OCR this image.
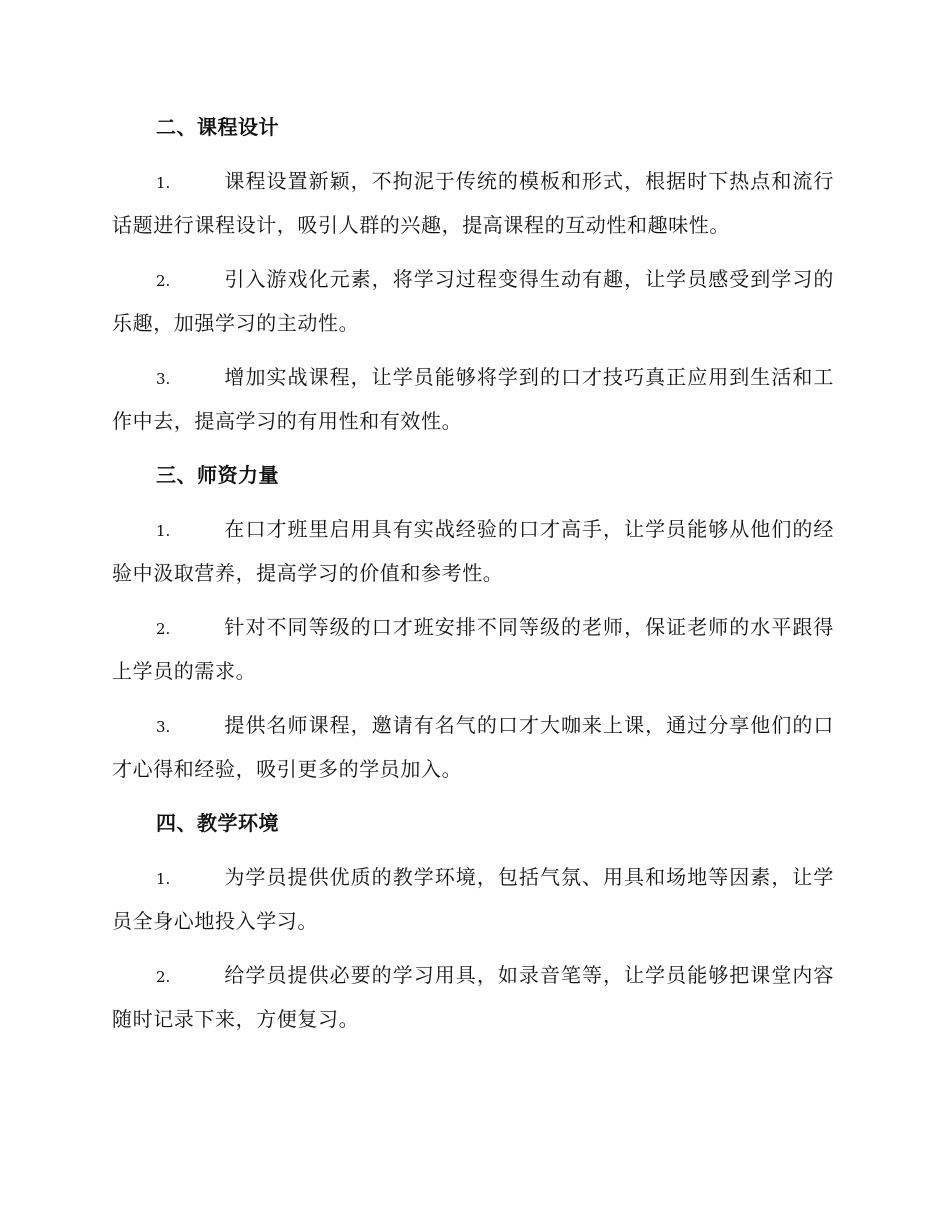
二、课程设计

1.	课程设置新颖，不拘泥于传统的模板和形式，根据时下热点和流行话题进行课程设计，吸引人群的兴趣，提高课程的互动性和趣味性。

2.	引入游戏化元素，将学习过程变得生动有趣，让学员感受到学习的乐趣，加强学习的主动性。

3.	增加实战课程，让学员能够将学到的口才技巧真正应用到生活和工作中去，提高学习的有用性和有效性。

三、师资力量

1.	在口才班里启用具有实战经验的口才高手，让学员能够从他们的经验中汲取营养，提高学习的价值和参考性。

2.	针对不同等级的口才班安排不同等级的老师，保证老师的水平跟得上学员的需求。

3.	提供名师课程，邀请有名气的口才大咖来上课，通过分享他们的口才心得和经验，吸引更多的学员加入。

四、教学环境

1.	为学员提供优质的教学环境，包括气氛、用具和场地等因素，让学员全身心地投入学习。

2.	给学员提供必要的学习用具，如录音笔等，让学员能够把课堂内容随时记录下来，方便复习。
